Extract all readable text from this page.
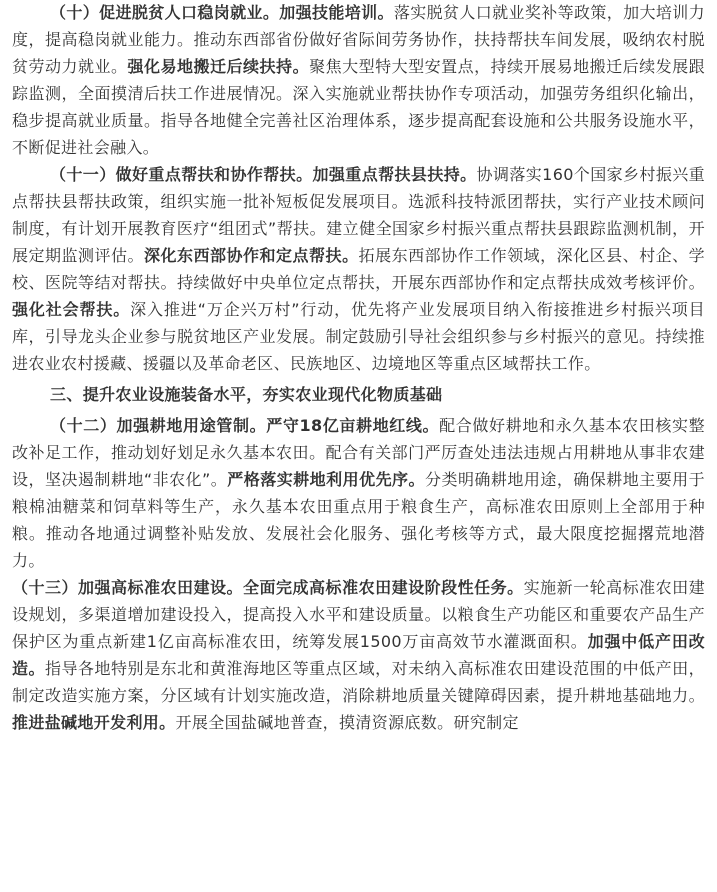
（十）促进脱贫人口稳岗就业。加强技能培训。落实脱贫人口就业奖补等政策，加大培训力度，提高稳岗就业能力。推动东西部省份做好省际间劳务协作，扶持帮扶车间发展，吸纳农村脱贫劳动力就业。强化易地搬迁后续扶持。聚焦大型特大型安置点，持续开展易地搬迁后续发展跟踪监测，全面摸清后扶工作进展情况。深入实施就业帮扶协作专项活动，加强劳务组织化输出，稳步提高就业质量。指导各地健全完善社区治理体系，逐步提高配套设施和公共服务设施水平，不断促进社会融入。

（十一）做好重点帮扶和协作帮扶。加强重点帮扶县扶持。协调落实160个国家乡村振兴重点帮扶县帮扶政策，组织实施一批补短板促发展项目。选派科技特派团帮扶，实行产业技术顾问制度，有计划开展教育医疗“组团式”帮扶。建立健全国家乡村振兴重点帮扶县跟踪监测机制，开展定期监测评估。深化东西部协作和定点帮扶。拓展东西部协作工作领域，深化区县、村企、学校、医院等结对帮扶。持续做好中央单位定点帮扶，开展东西部协作和定点帮扶成效考核评价。强化社会帮扶。深入推进“万企兴万村”行动，优先将产业发展项目纳入衔接推进乡村振兴项目库，引导龙头企业参与脱贫地区产业发展。制定鼓励引导社会组织参与乡村振兴的意见。持续推进农业农村援藏、援疆以及革命老区、民族地区、边境地区等重点区域帮扶工作。

三、提升农业设施装备水平，夯实农业现代化物质基础

（十二）加强耕地用途管制。严守18亿亩耕地红线。配合做好耕地和永久基本农田核实整改补足工作，推动划好划足永久基本农田。配合有关部门严厉查处违法违规占用耕地从事非农建设，坚决遏制耕地“非农化”。严格落实耕地利用优先序。分类明确耕地用途，确保耕地主要用于粮棉油糖菜和饲草料等生产，永久基本农田重点用于粮食生产，高标准农田原则上全部用于种粮。推动各地通过调整补贴发放、发展社会化服务、强化考核等方式，最大限度挖掘撂荒地潜力。

（十三）加强高标准农田建设。全面完成高标准农田建设阶段性任务。实施新一轮高标准农田建设规划，多渠道增加建设投入，提高投入水平和建设质量。以粮食生产功能区和重要农产品生产保护区为重点新建1亿亩高标准农田，统筹发展1500万亩高效节水灌溉面积。加强中低产田改造。指导各地特别是东北和黄淮海地区等重点区域，对未纳入高标准农田建设范围的中低产田，制定改造实施方案，分区域有计划实施改造，消除耕地质量关键障碍因素，提升耕地基础地力。推进盐碱地开发利用。开展全国盐碱地普查，摸清资源底数。研究制定
